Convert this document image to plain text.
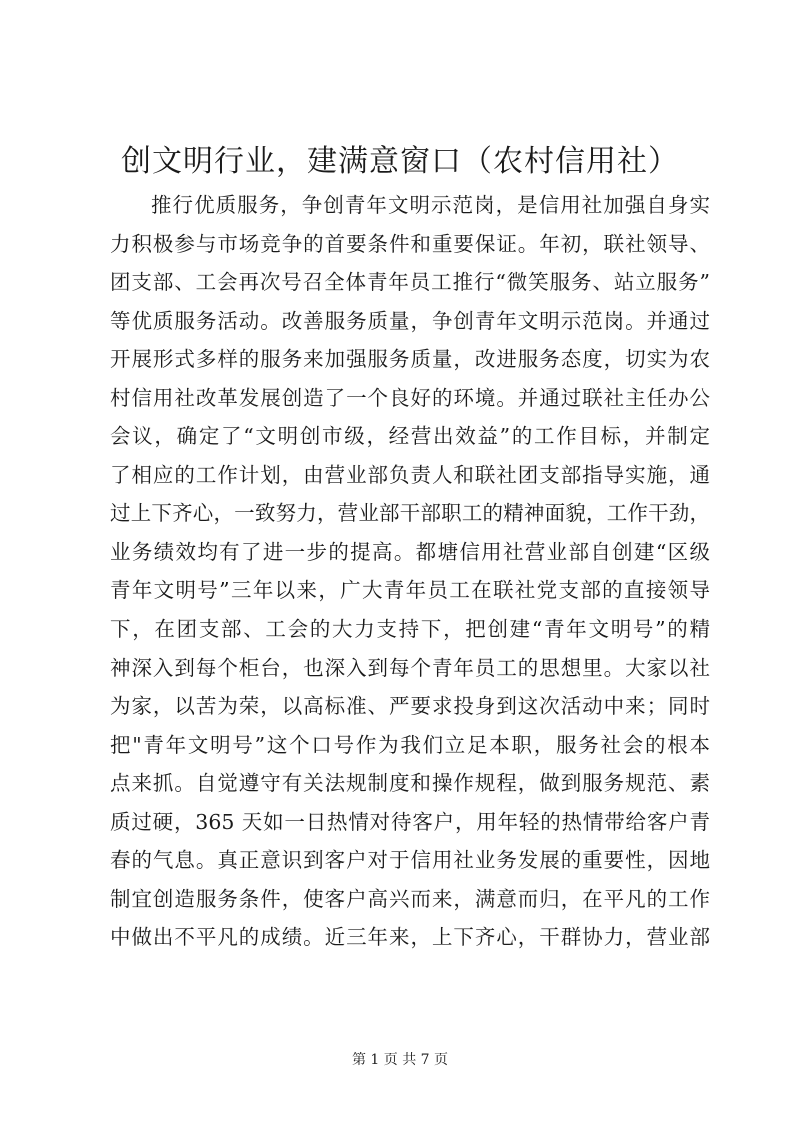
创文明行业，建满意窗口（农村信用社）
推行优质服务，争创青年文明示范岗，是信用社加强自身实
力积极参与市场竞争的首要条件和重要保证。年初，联社领导、
团支部、工会再次号召全体青年员工推行“微笑服务、站立服务”
等优质服务活动。改善服务质量，争创青年文明示范岗。并通过
开展形式多样的服务来加强服务质量，改进服务态度，切实为农
村信用社改革发展创造了一个良好的环境。并通过联社主任办公
会议，确定了“文明创市级，经营出效益”的工作目标，并制定
了相应的工作计划，由营业部负责人和联社团支部指导实施，通
过上下齐心，一致努力，营业部干部职工的精神面貌，工作干劲，
业务绩效均有了进一步的提高。都塘信用社营业部自创建“区级
青年文明号”三年以来，广大青年员工在联社党支部的直接领导
下，在团支部、工会的大力支持下，把创建“青年文明号”的精
神深入到每个柜台，也深入到每个青年员工的思想里。大家以社
为家，以苦为荣，以高标准、严要求投身到这次活动中来；同时
把"青年文明号”这个口号作为我们立足本职，服务社会的根本
点来抓。自觉遵守有关法规制度和操作规程，做到服务规范、素
质过硬，365 天如一日热情对待客户，用年轻的热情带给客户青
春的气息。真正意识到客户对于信用社业务发展的重要性，因地
制宜创造服务条件，使客户高兴而来，满意而归，在平凡的工作
中做出不平凡的成绩。近三年来，上下齐心，干群协力，营业部
第 1 页 共 7 页
